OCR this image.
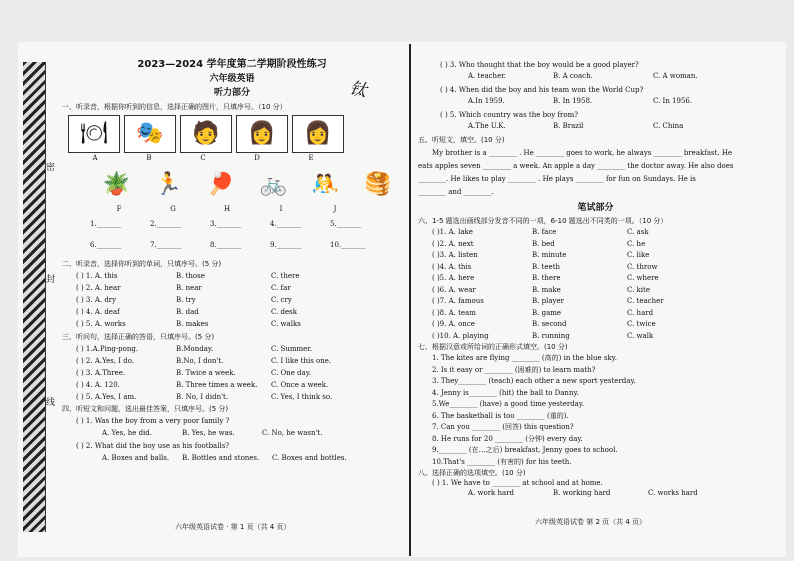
密
封
线
钛
2023—2024 学年度第二学期阶段性练习
六年级英语
听力部分
一、听录音，根据你听到的信息，选择正确的图片，只填序号。（10 分）
🍽	🎭	🧑	👩	👩
A	B	C	D	E
🪴	🏃	🏓	🚲	🤼	🥞
F	G	H	I	J
1._______	2._______	3._______	4._______	5._______
6._______	7._______	8._______	9._______	10._______
二、听录音，选择你听到的单词，只填序号。(5 分)
( ) 1. A. this	B. those	C. there
( ) 2. A. hear	B. near	C. far
( ) 3. A. dry	B. try	C. cry
( ) 4. A. deaf	B. dad	C. desk
( ) 5. A. works	B. makes	C. walks
三、听问句，选择正确的答语，只填序号。(5 分)
( ) 1.A.Ping-pong.	B.Monday.	C. Summer.
( ) 2. A.Yes, I do.	B.No, I don't.	C. I like this one.
( ) 3. A.Three.	B. Twice a week.	C. One day.
( ) 4. A. 120.	B. Three times a week.	C. Once a week.
( ) 5. A.Yes, I am.	B. No, I didn't.	C. Yes, I think so.
四、听短文和问题，选出最佳答案，只填序号。(5 分)
( ) 1. Was the boy from a very poor family ?
A. Yes, he did.	B. Yes, he was.	C. No, he wasn't.
( ) 2. What did the boy use as his footballs?
A. Boxes and balls.	B. Bottles and stones.	C. Boxes and bottles.
六年级英语试卷 · 第 1 页（共 4 页）
( ) 3. Who thought that the boy would be a good player?
A. teacher.	B. A coach.	C. A woman.
( ) 4. When did the boy and his team won the World Cup?
A.In 1959.	B. In 1958.	C. In 1956.
( ) 5. Which country was the boy from?
A.The U.K.	B. Brazil	C. China
五、听短文，填空。(10 分)
My brother is a ________ . He ________ goes to work, he always ________ breakfast. He
eats apples seven ________ a week. An apple a day ________ the doctor away. He also does
________. He likes to play ________ . He plays ________ for fun on Sundays. He is
________ and ________.
笔试部分
六、1-5 题选出画线部分发音不同的一项，6-10 题选出不同类的一项。（10 分）
( )1. A. lake	B. face	C. ask
( )2. A. next	B. bed	C. he
( )3. A. listen	B. minute	C. like
( )4. A. this	B. teeth	C. throw
( )5. A. here	B. there	C. where
( )6. A. wear	B. make	C. kite
( )7. A. famous	B. player	C. teacher
( )8. A. team	B. game	C. hard
( )9. A. once	B. second	C. twice
( )10. A. playing	B. running	C. walk
七、根据汉意或所给词的正确形式填空。(10 分)
1. The kites are flying ________ (高的) in the blue sky.
2. Is it easy or ________ (困难的) to learn math?
3. They________ (teach) each other a new sport yesterday.
4. Jenny is________ (hit) the ball to Danny.
5.We________ (have) a good time yesterday.
6. The basketball is too ________ (重的).
7. Can you ________ (回答) this question?
8. He runs for 20 ________ (分钟) every day.
9.________ (在…之后) breakfast, Jenny goes to school.
10.That's ________ (有害的) for his teeth.
八、选择正确的选项填空。(10 分)
( ) 1. We have to ________ at school and at home.
A. work hard	B. working hard	C. works hard
六年级英语试卷 第 2 页（共 4 页）
